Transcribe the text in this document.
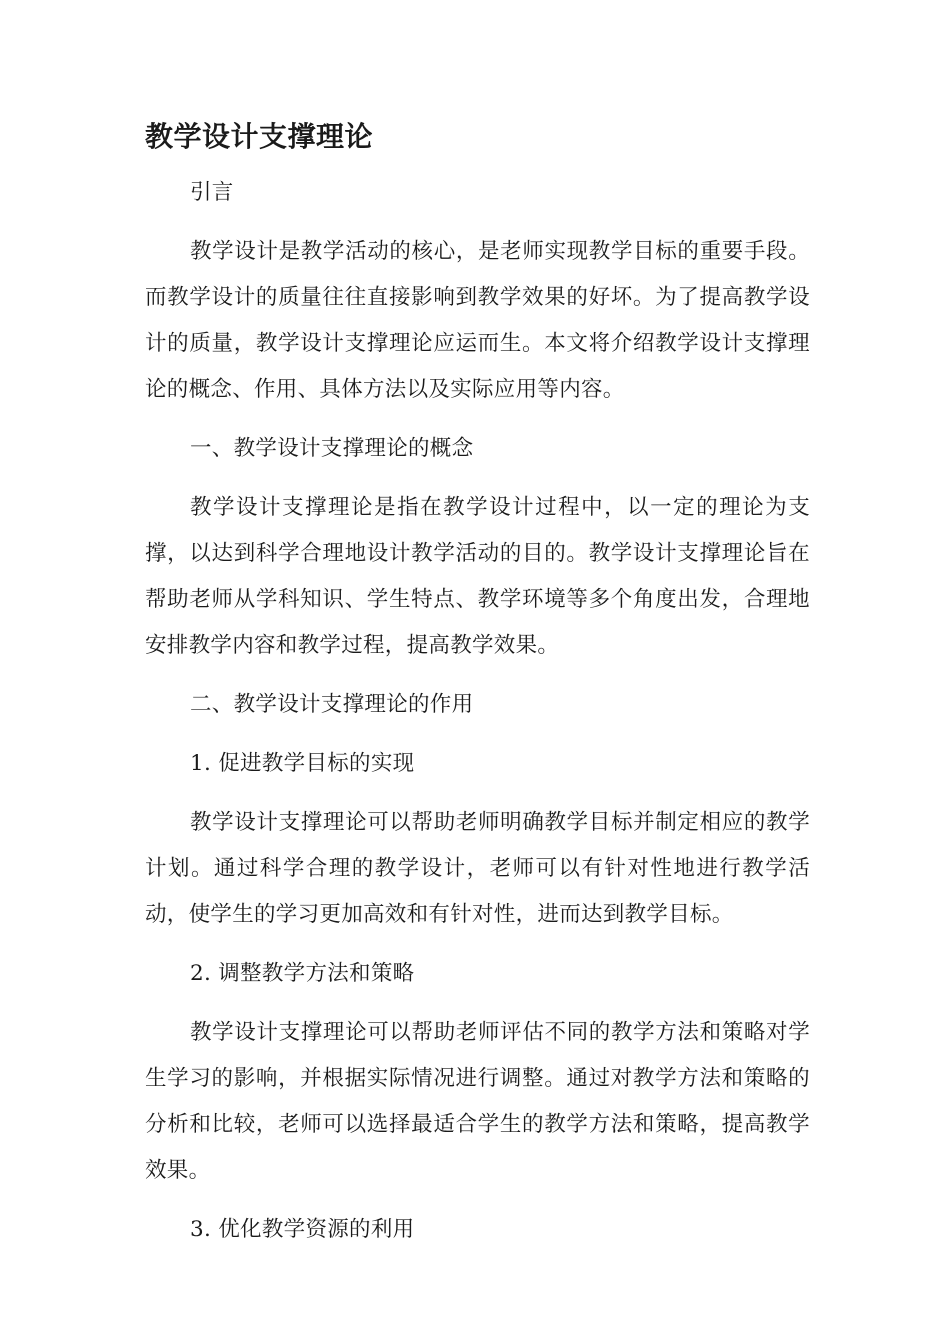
教学设计支撑理论

引言

教学设计是教学活动的核心，是老师实现教学目标的重要手段。而教学设计的质量往往直接影响到教学效果的好坏。为了提高教学设计的质量，教学设计支撑理论应运而生。本文将介绍教学设计支撑理论的概念、作用、具体方法以及实际应用等内容。

一、教学设计支撑理论的概念

教学设计支撑理论是指在教学设计过程中，以一定的理论为支撑，以达到科学合理地设计教学活动的目的。教学设计支撑理论旨在帮助老师从学科知识、学生特点、教学环境等多个角度出发，合理地安排教学内容和教学过程，提高教学效果。

二、教学设计支撑理论的作用

1. 促进教学目标的实现

教学设计支撑理论可以帮助老师明确教学目标并制定相应的教学计划。通过科学合理的教学设计，老师可以有针对性地进行教学活动，使学生的学习更加高效和有针对性，进而达到教学目标。

2. 调整教学方法和策略

教学设计支撑理论可以帮助老师评估不同的教学方法和策略对学生学习的影响，并根据实际情况进行调整。通过对教学方法和策略的分析和比较，老师可以选择最适合学生的教学方法和策略，提高教学效果。

3. 优化教学资源的利用
